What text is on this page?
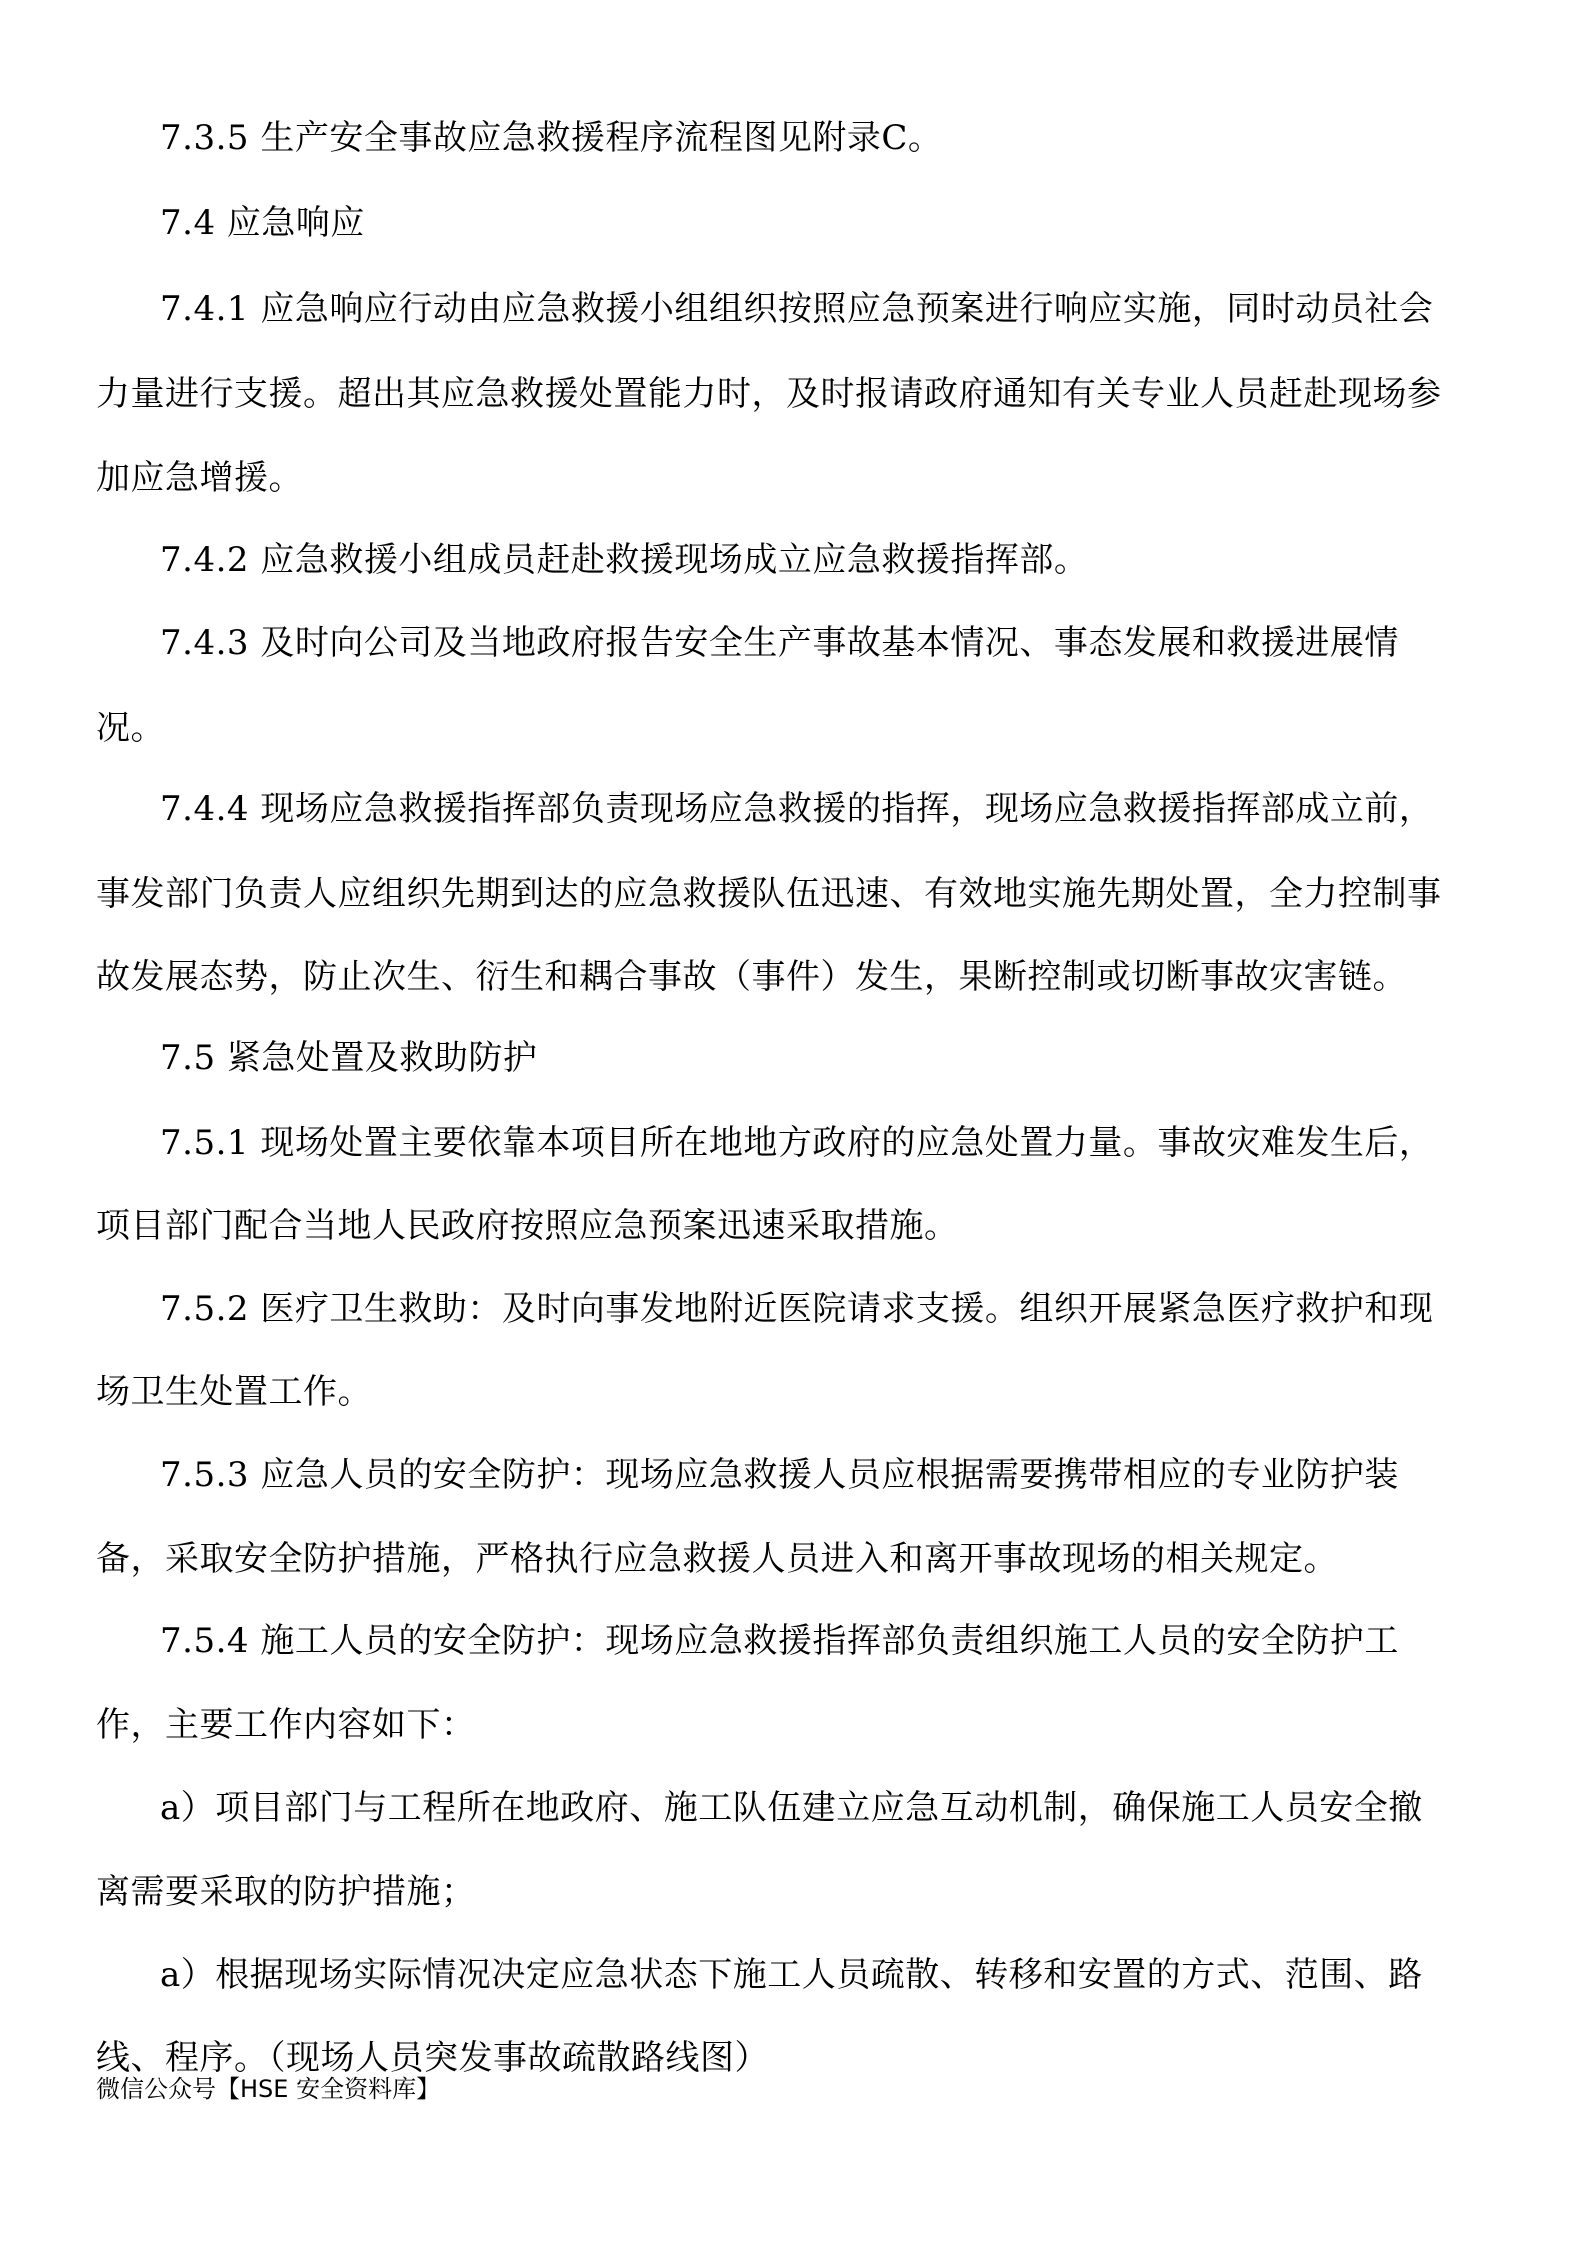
7.3.5 生产安全事故应急救援程序流程图见附录C。
7.4 应急响应
7.4.1 应急响应行动由应急救援小组组织按照应急预案进行响应实施，同时动员社会
力量进行支援。超出其应急救援处置能力时，及时报请政府通知有关专业人员赶赴现场参
加应急增援。
7.4.2 应急救援小组成员赶赴救援现场成立应急救援指挥部。
7.4.3 及时向公司及当地政府报告安全生产事故基本情况、事态发展和救援进展情
况。
7.4.4 现场应急救援指挥部负责现场应急救援的指挥，现场应急救援指挥部成立前，
事发部门负责人应组织先期到达的应急救援队伍迅速、有效地实施先期处置，全力控制事
故发展态势，防止次生、衍生和耦合事故（事件）发生，果断控制或切断事故灾害链。
7.5 紧急处置及救助防护
7.5.1 现场处置主要依靠本项目所在地地方政府的应急处置力量。事故灾难发生后，
项目部门配合当地人民政府按照应急预案迅速采取措施。
7.5.2 医疗卫生救助：及时向事发地附近医院请求支援。组织开展紧急医疗救护和现
场卫生处置工作。
7.5.3 应急人员的安全防护：现场应急救援人员应根据需要携带相应的专业防护装
备，采取安全防护措施，严格执行应急救援人员进入和离开事故现场的相关规定。
7.5.4 施工人员的安全防护：现场应急救援指挥部负责组织施工人员的安全防护工
作，主要工作内容如下：
a）项目部门与工程所在地政府、施工队伍建立应急互动机制，确保施工人员安全撤
离需要采取的防护措施；
a）根据现场实际情况决定应急状态下施工人员疏散、转移和安置的方式、范围、路
线、程序。（现场人员突发事故疏散路线图）
微信公众号【HSE 安全资料库】
